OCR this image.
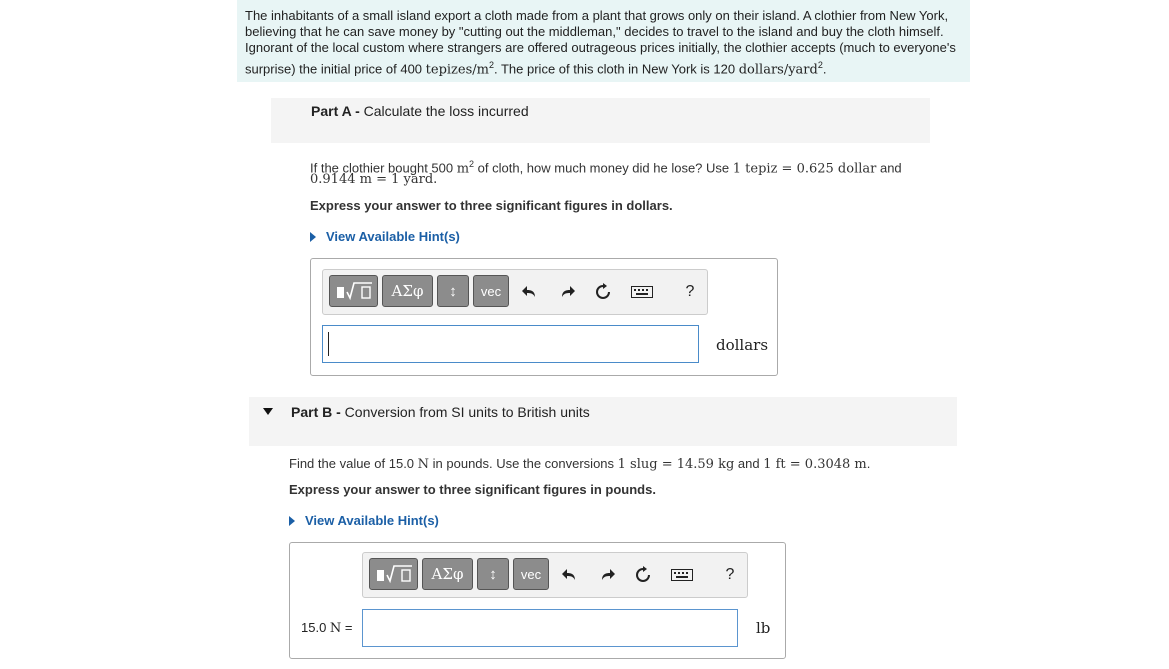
The inhabitants of a small island export a cloth made from a plant that grows only on their island. A clothier from New York,
believing that he can save money by "cutting out the middleman," decides to travel to the island and buy the cloth himself.
Ignorant of the local custom where strangers are offered outrageous prices initially, the clothier accepts (much to everyone's
surprise) the initial price of 400 tepizes/$m^2$. The price of this cloth in New York is 120 dollars/yard$^2$.
Part A - Calculate the loss incurred
If the clothier bought 500 $m^2$ of cloth, how much money did he lose? Use 1 tepiz = 0.625 dollar and
0.9144 m = 1 yard.
Express your answer to three significant figures in dollars.
View Available Hint(s)
ΑΣφ ↕ vec	?
dollars
Part B - Conversion from SI units to British units
Find the value of 15.0 N in pounds. Use the conversions 1 slug = 14.59 kg and 1 ft = 0.3048 m.
Express your answer to three significant figures in pounds.
View Available Hint(s)
ΑΣφ ↕ vec	?
15.0 N =	lb
